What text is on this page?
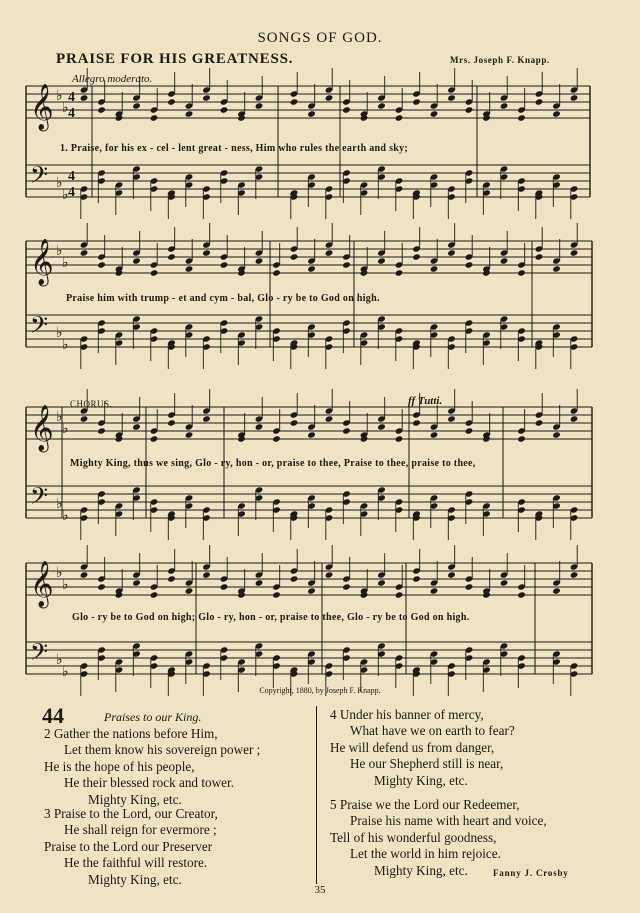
SONGS OF GOD.
PRAISE FOR HIS GREATNESS.	Mrs. Joseph F. Knapp.
Allegro moderato.
CHORUS.	ff Tutti.
𝄞 ♭
♭
𝄢 ♭
♭
𝄞 ♭
♭
𝄢 ♭
♭
𝄞 ♭
♭
𝄢 ♭
♭
𝄞 ♭
♭
𝄢 ♭
♭
4
4
4
4
1. Praise, for his ex - cel - lent great - ness, Him who rules the earth and sky;
Praise him with trump - et and cym - bal, Glo - ry be to God on high.
Mighty King, thus we sing, Glo - ry, hon - or, praise to thee, Praise to thee, praise to thee,
Glo - ry be to God on high; Glo - ry, hon - or, praise to thee, Glo - ry be to God on high.
Copyright, 1880, by Joseph F. Knapp.
44	Praises to our King.
2 Gather the nations before Him,
Let them know his sovereign power ;
He is the hope of his people,
He their blessed rock and tower.
Mighty King, etc.
3 Praise to the Lord, our Creator,
He shall reign for evermore ;
Praise to the Lord our Preserver
He the faithful will restore.
Mighty King, etc.
4 Under his banner of mercy,
What have we on earth to fear?
He will defend us from danger,
He our Shepherd still is near,
Mighty King, etc.
5 Praise we the Lord our Redeemer,
Praise his name with heart and voice,
Tell of his wonderful goodness,
Let the world in him rejoice.
Mighty King, etc.	Fanny J. Crosby
35
